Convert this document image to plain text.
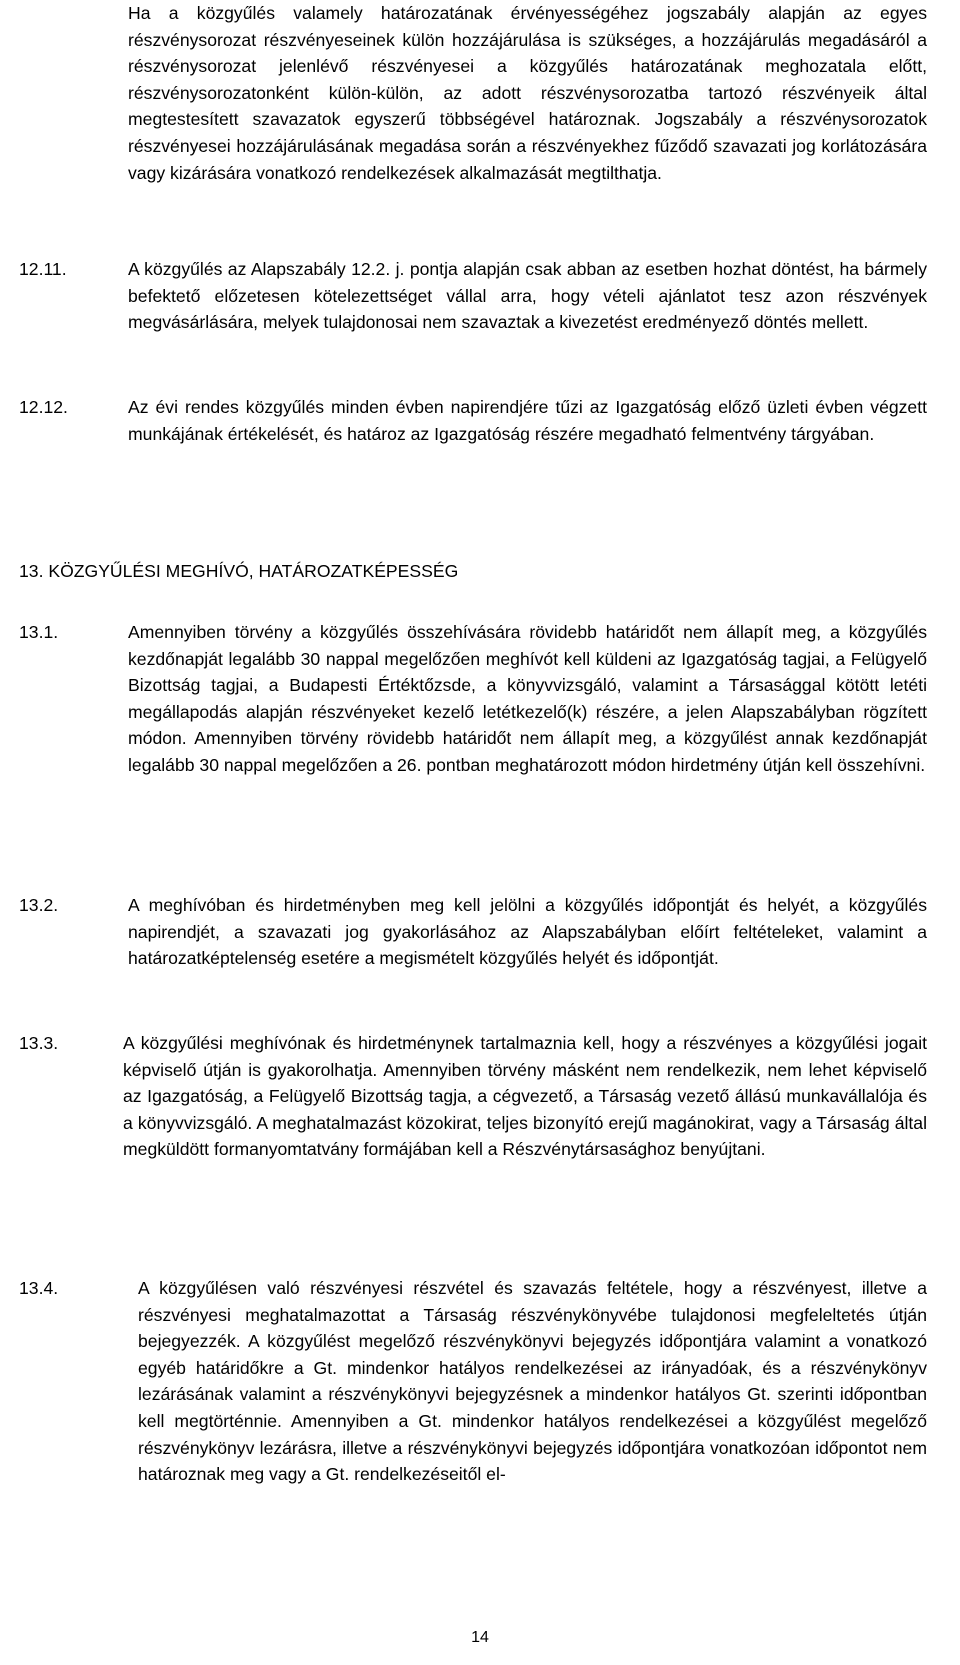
Ha a közgyűlés valamely határozatának érvényességéhez jogszabály alapján az egyes részvénysorozat részvényeseinek külön hozzájárulása is szükséges, a hozzájárulás megadásáról a részvénysorozat jelenlévő részvényesei a közgyűlés határozatának meghozatala előtt, részvénysorozatonként külön-külön, az adott részvénysorozatba tartozó részvényeik által megtestesített szavazatok egyszerű többségével határoznak. Jogszabály a részvénysorozatok részvényesei hozzájárulásának megadása során a részvényekhez fűződő szavazati jog korlátozására vagy kizárására vonatkozó rendelkezések alkalmazását megtilthatja.

12.11.	A közgyűlés az Alapszabály 12.2. j. pontja alapján csak abban az esetben hozhat döntést, ha bármely befektető előzetesen kötelezettséget vállal arra, hogy vételi ajánlatot tesz azon részvények megvásárlására, melyek tulajdonosai nem szavaztak a kivezetést eredményező döntés mellett.

12.12.	Az évi rendes közgyűlés minden évben napirendjére tűzi az Igazgatóság előző üzleti évben végzett munkájának értékelését, és határoz az Igazgatóság részére megadható felmentvény tárgyában.

13. KÖZGYŰLÉSI MEGHÍVÓ, HATÁROZATKÉPESSÉG
13.1.	Amennyiben törvény a közgyűlés összehívására rövidebb határidőt nem állapít meg, a közgyűlés kezdőnapját legalább 30 nappal megelőzően meghívót kell küldeni az Igazgatóság tagjai, a Felügyelő Bizottság tagjai, a Budapesti Értéktőzsde, a könyvvizsgáló, valamint a Társasággal kötött letéti megállapodás alapján részvényeket kezelő letétkezelő(k) részére, a jelen Alapszabályban rögzített módon. Amennyiben törvény rövidebb határidőt nem állapít meg, a közgyűlést annak kezdőnapját legalább 30 nappal megelőzően a 26. pontban meghatározott módon hirdetmény útján kell összehívni.

13.2.	A meghívóban és hirdetményben meg kell jelölni a közgyűlés időpontját és helyét, a közgyűlés napirendjét, a szavazati jog gyakorlásához az Alapszabályban előírt feltételeket, valamint a határozatképtelenség esetére a megismételt közgyűlés helyét és időpontját.

13.3.	A közgyűlési meghívónak és hirdetménynek tartalmaznia kell, hogy a részvényes a közgyűlési jogait képviselő útján is gyakorolhatja. Amennyiben törvény másként nem rendelkezik, nem lehet képviselő az Igazgatóság, a Felügyelő Bizottság tagja, a cégvezető, a Társaság vezető állású munkavállalója és a könyvvizsgáló. A meghatalmazást közokirat, teljes bizonyító erejű magánokirat, vagy a Társaság által megküldött formanyomtatvány formájában kell a Részvénytársasághoz benyújtani.

13.4.	A közgyűlésen való részvényesi részvétel és szavazás feltétele, hogy a részvényest, illetve a részvényesi meghatalmazottat a Társaság részvénykönyvébe tulajdonosi megfeleltetés útján bejegyezzék. A közgyűlést megelőző részvénykönyvi bejegyzés időpontjára valamint a vonatkozó egyéb határidőkre a Gt. mindenkor hatályos rendelkezései az irányadóak, és a részvénykönyv lezárásának valamint a részvénykönyvi bejegyzésnek a mindenkor hatályos Gt. szerinti időpontban kell megtörténnie. Amennyiben a Gt. mindenkor hatályos rendelkezései a közgyűlést megelőző részvénykönyv lezárásra, illetve a részvénykönyvi bejegyzés időpontjára vonatkozóan időpontot nem határoznak meg vagy a Gt. rendelkezéseitől el-

14
